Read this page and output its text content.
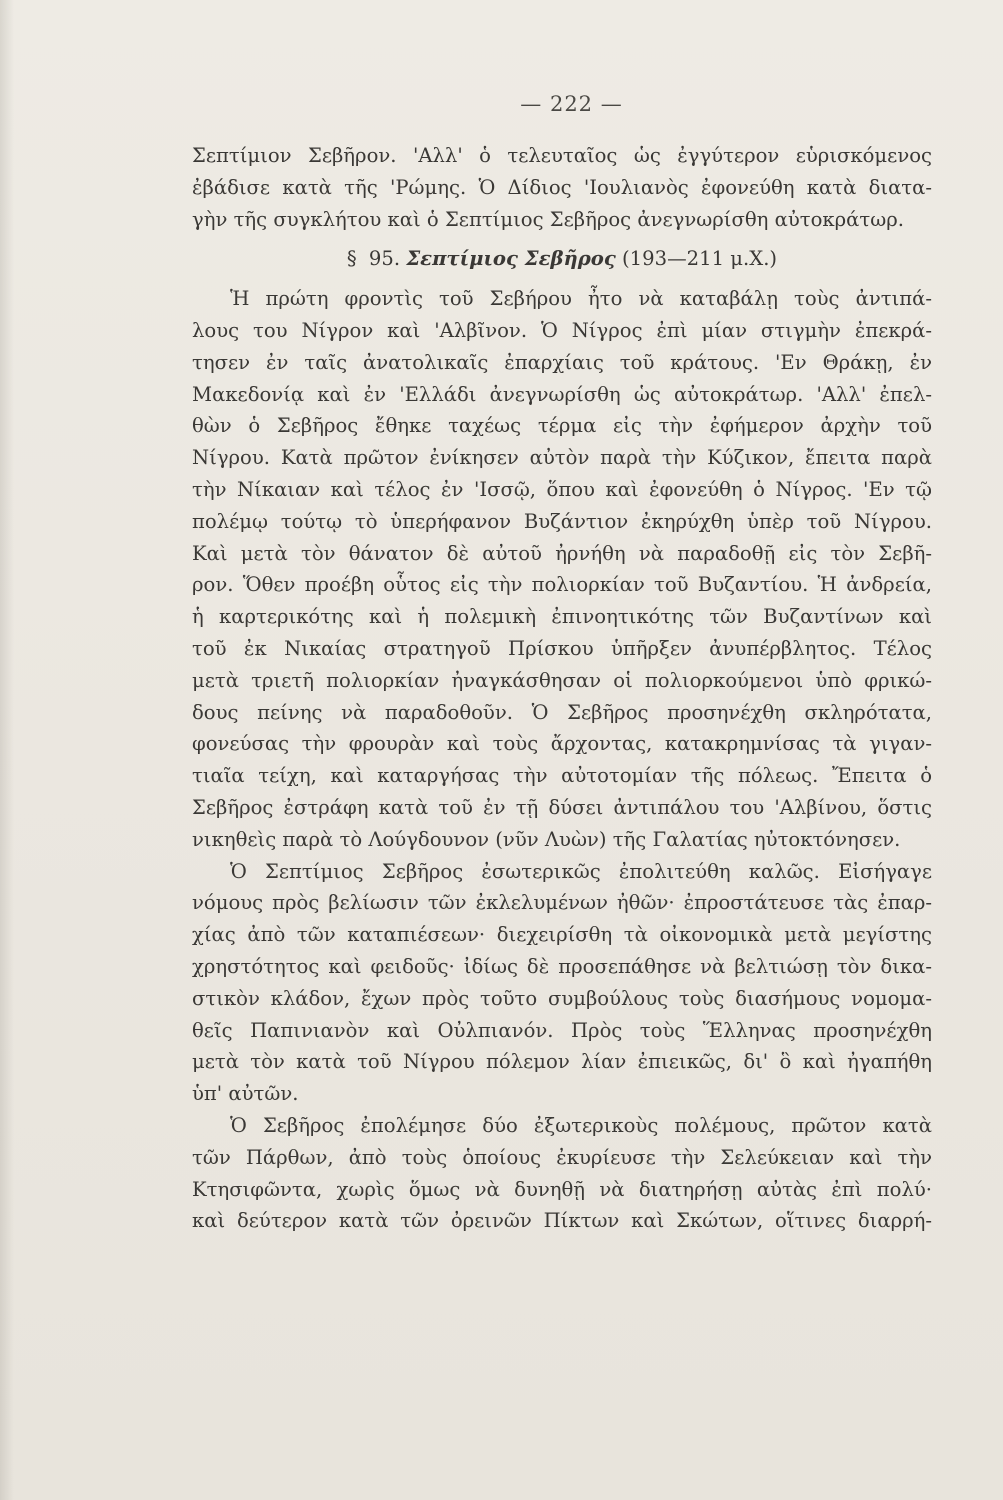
— 222 —
Σεπτίμιον Σεβῆρον. 'Αλλ' ὁ τελευταῖος ὡς ἐγγύτερον εὑρισκόμενος
ἐβάδισε κατὰ τῆς 'Ρώμης. Ὁ Δίδιος 'Ιουλιανὸς ἐφονεύθη κατὰ διατα-
γὴν τῆς συγκλήτου καὶ ὁ Σεπτίμιος Σεβῆρος ἀνεγνωρίσθη αὐτοκράτωρ.
§ 95. Σεπτίμιος Σεβῆρος (193—211 μ.Χ.)
Ἡ πρώτη φροντὶς τοῦ Σεβήρου ἦτο νὰ καταβάλῃ τοὺς ἀντιπά-
λους του Νίγρον καὶ 'Αλβῖνον. Ὁ Νίγρος ἐπὶ μίαν στιγμὴν ἐπεκρά-
τησεν ἐν ταῖς ἀνατολικαῖς ἐπαρχίαις τοῦ κράτους. 'Εν Θράκῃ, ἐν
Μακεδονίᾳ καὶ ἐν 'Ελλάδι ἀνεγνωρίσθη ὡς αὐτοκράτωρ. 'Αλλ' ἐπελ-
θὼν ὁ Σεβῆρος ἔθηκε ταχέως τέρμα εἰς τὴν ἐφήμερον ἀρχὴν τοῦ
Νίγρου. Κατὰ πρῶτον ἐνίκησεν αὐτὸν παρὰ τὴν Κύζικον, ἔπειτα παρὰ
τὴν Νίκαιαν καὶ τέλος ἐν 'Ισσῷ, ὅπου καὶ ἐφονεύθη ὁ Νίγρος. 'Εν τῷ
πολέμῳ τούτῳ τὸ ὑπερήφανον Βυζάντιον ἐκηρύχθη ὑπὲρ τοῦ Νίγρου.
Καὶ μετὰ τὸν θάνατον δὲ αὐτοῦ ἠρνήθη νὰ παραδοθῇ εἰς τὸν Σεβῆ-
ρον. Ὅθεν προέβη οὗτος εἰς τὴν πολιορκίαν τοῦ Βυζαντίου. Ἡ ἀνδρεία,
ἡ καρτερικότης καὶ ἡ πολεμικὴ ἐπινοητικότης τῶν Βυζαντίνων καὶ
τοῦ ἐκ Νικαίας στρατηγοῦ Πρίσκου ὑπῆρξεν ἀνυπέρβλητος. Τέλος
μετὰ τριετῆ πολιορκίαν ἠναγκάσθησαν οἱ πολιορκούμενοι ὑπὸ φρικώ-
δους πείνης νὰ παραδοθοῦν. Ὁ Σεβῆρος προσηνέχθη σκληρότατα,
φονεύσας τὴν φρουρὰν καὶ τοὺς ἄρχοντας, κατακρημνίσας τὰ γιγαν-
τιαῖα τείχη, καὶ καταργήσας τὴν αὐτοτομίαν τῆς πόλεως. Ἔπειτα ὁ
Σεβῆρος ἐστράφη κατὰ τοῦ ἐν τῇ δύσει ἀντιπάλου του 'Αλβίνου, ὅστις
νικηθεὶς παρὰ τὸ Λούγδουνον (νῦν Λυὼν) τῆς Γαλατίας ηὐτοκτόνησεν.
Ὁ Σεπτίμιος Σεβῆρος ἐσωτερικῶς ἐπολιτεύθη καλῶς. Εἰσήγαγε
νόμους πρὸς βελίωσιν τῶν ἐκλελυμένων ἠθῶν· ἐπροστάτευσε τὰς ἐπαρ-
χίας ἀπὸ τῶν καταπιέσεων· διεχειρίσθη τὰ οἰκονομικὰ μετὰ μεγίστης
χρηστότητος καὶ φειδοῦς· ἰδίως δὲ προσεπάθησε νὰ βελτιώσῃ τὸν δικα-
στικὸν κλάδον, ἔχων πρὸς τοῦτο συμβούλους τοὺς διασήμους νομομα-
θεῖς Παπινιανὸν καὶ Οὐλπιανόν. Πρὸς τοὺς Ἕλληνας προσηνέχθη
μετὰ τὸν κατὰ τοῦ Νίγρου πόλεμον λίαν ἐπιεικῶς, δι' ὃ καὶ ἠγαπήθη
ὑπ' αὐτῶν.
Ὁ Σεβῆρος ἐπολέμησε δύο ἐξωτερικοὺς πολέμους, πρῶτον κατὰ
τῶν Πάρθων, ἀπὸ τοὺς ὁποίους ἐκυρίευσε τὴν Σελεύκειαν καὶ τὴν
Κτησιφῶντα, χωρὶς ὅμως νὰ δυνηθῇ νὰ διατηρήσῃ αὐτὰς ἐπὶ πολύ·
καὶ δεύτερον κατὰ τῶν ὀρεινῶν Πίκτων καὶ Σκώτων, οἵτινες διαρρή-
